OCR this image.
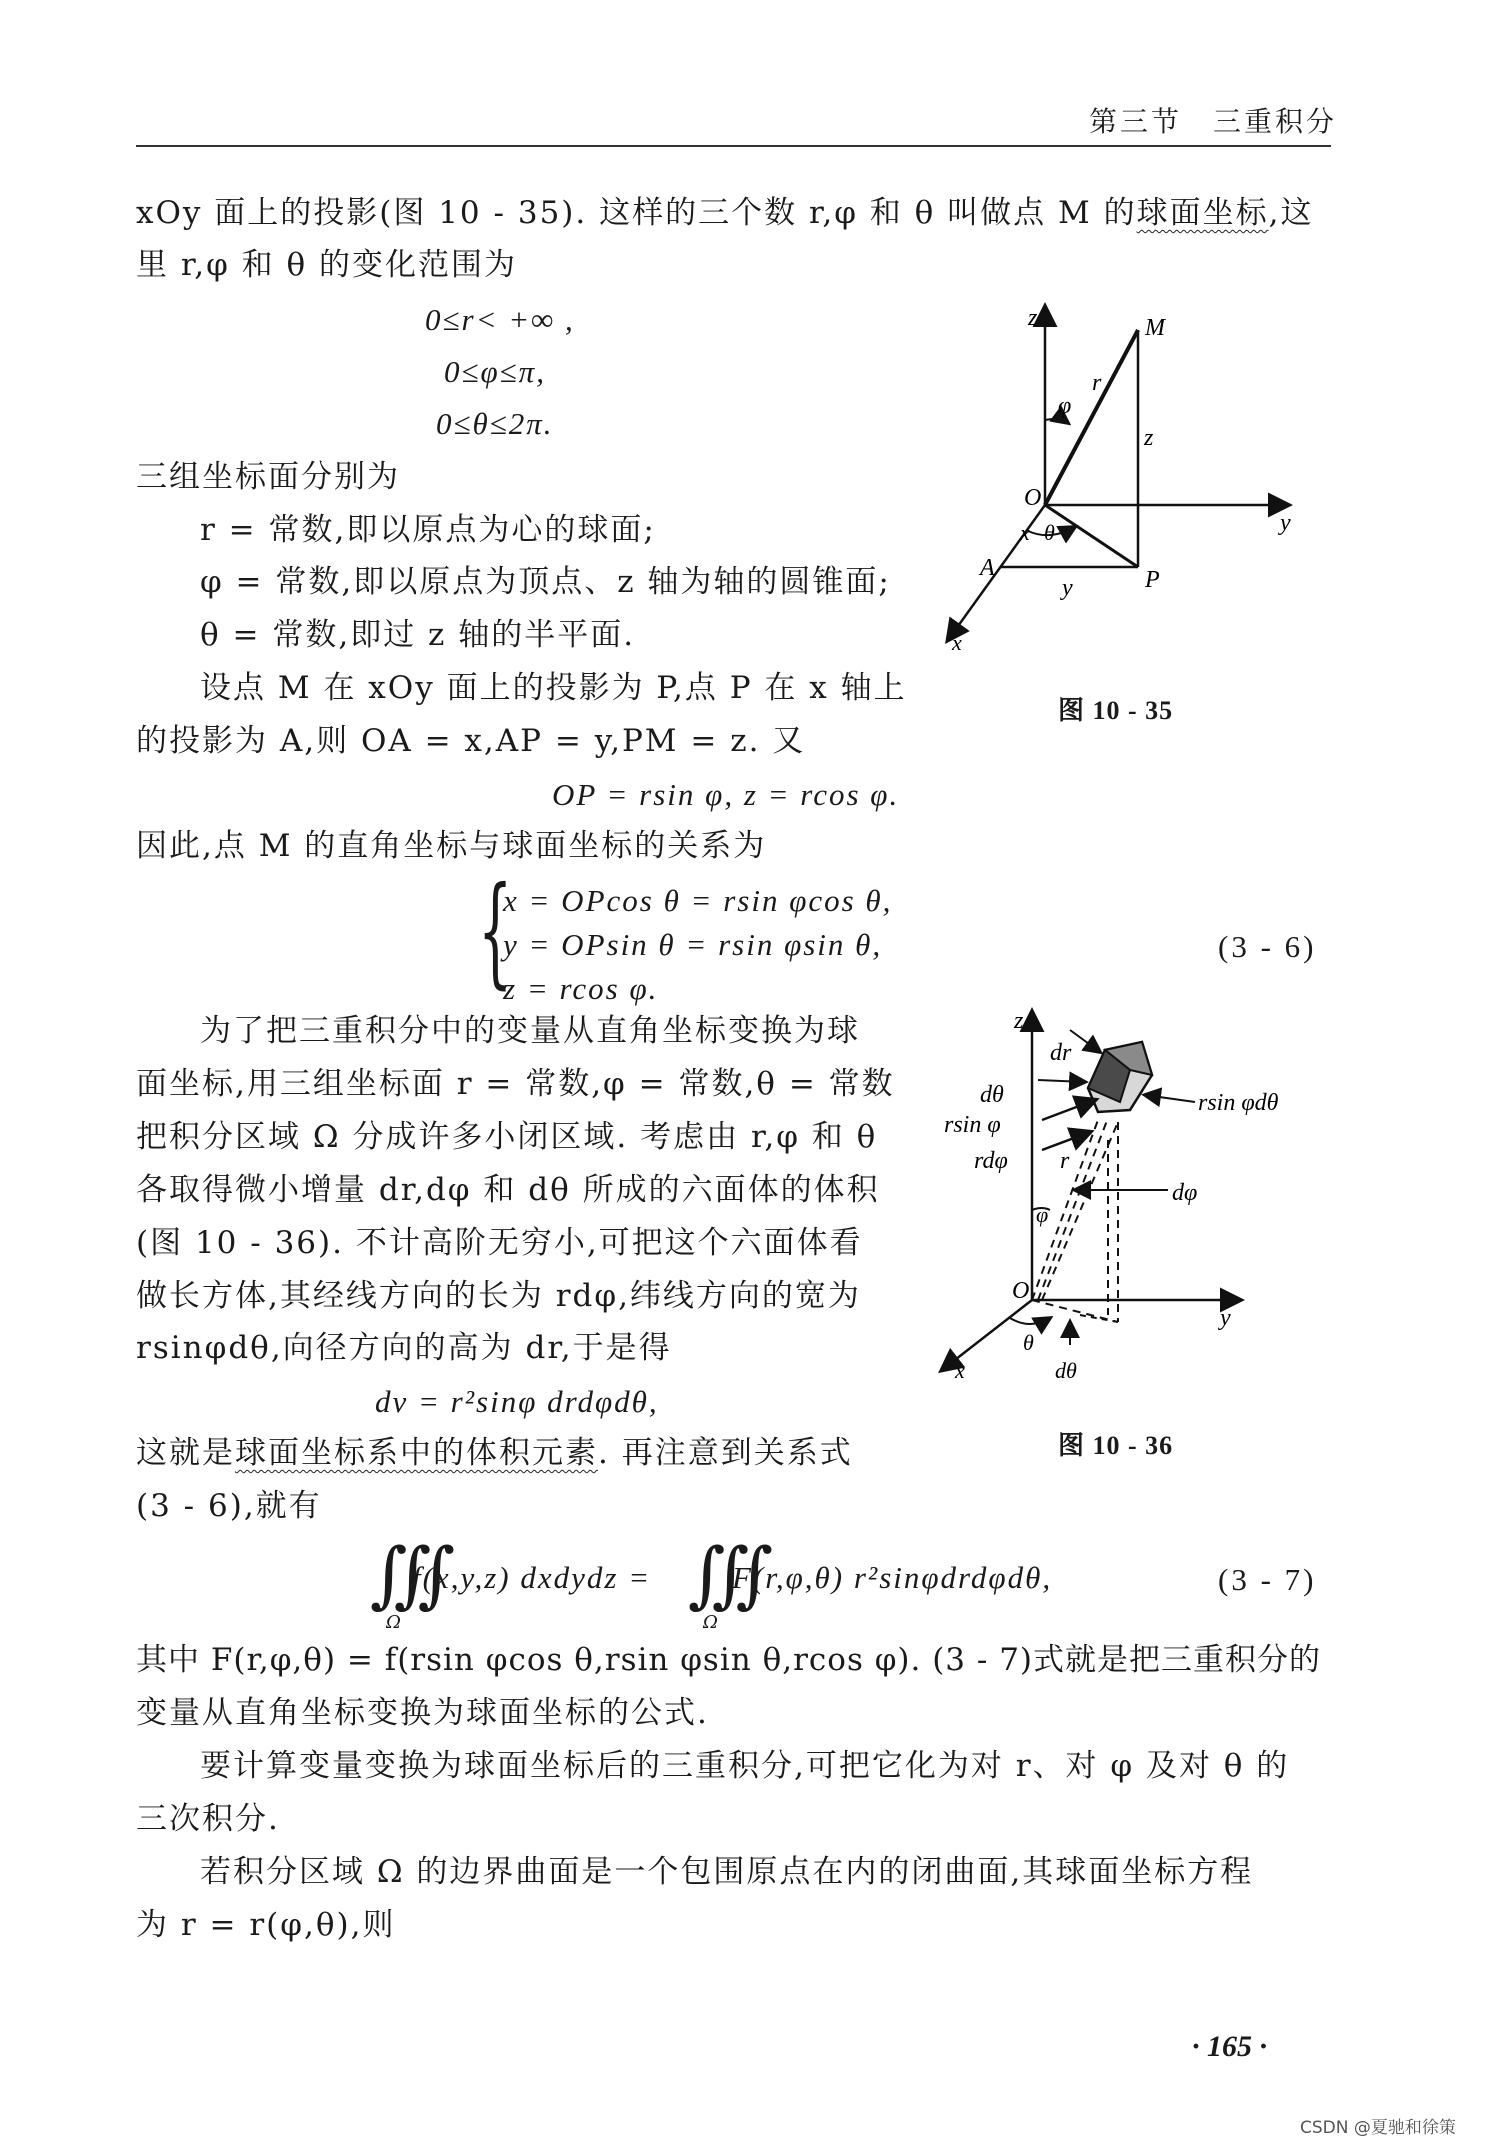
第三节 三重积分
xOy 面上的投影(图 10 - 35). 这样的三个数 r,φ 和 θ 叫做点 M 的球面坐标,这
里 r,φ 和 θ 的变化范围为
0≤r< +∞ ,
0≤φ≤π,
0≤θ≤2π.
三组坐标面分别为
r = 常数,即以原点为心的球面;
φ = 常数,即以原点为顶点、z 轴为轴的圆锥面;
θ = 常数,即过 z 轴的半平面.
设点 M 在 xOy 面上的投影为 P,点 P 在 x 轴上
的投影为 A,则 OA = x,AP = y,PM = z. 又
OP = rsin φ, z = rcos φ.
因此,点 M 的直角坐标与球面坐标的关系为
{
x = OPcos θ = rsin φcos θ,
y = OPsin θ = rsin φsin θ,
z = rcos φ.
(3 - 6)
为了把三重积分中的变量从直角坐标变换为球
面坐标,用三组坐标面 r = 常数,φ = 常数,θ = 常数
把积分区域 Ω 分成许多小闭区域. 考虑由 r,φ 和 θ
各取得微小增量 dr,dφ 和 dθ 所成的六面体的体积
(图 10 - 36). 不计高阶无穷小,可把这个六面体看
做长方体,其经线方向的长为 rdφ,纬线方向的宽为
rsinφdθ,向径方向的高为 dr,于是得
dv = r²sinφ drdφdθ,
这就是球面坐标系中的体积元素. 再注意到关系式
(3 - 6),就有
∭
Ω
f(x,y,z) dxdydz = ∭
Ω
F(r,φ,θ) r²sinφdrdφdθ,	(3 - 7)
其中 F(r,φ,θ) = f(rsin φcos θ,rsin φsin θ,rcos φ). (3 - 7)式就是把三重积分的
变量从直角坐标变换为球面坐标的公式.
要计算变量变换为球面坐标后的三重积分,可把它化为对 r、对 φ 及对 θ 的
三次积分.
若积分区域 Ω 的边界曲面是一个包围原点在内的闭曲面,其球面坐标方程
为 r = r(φ,θ),则
z	M
r
φ
z
O
y
x θ
A
y	P
x
图 10 - 35
z
dr
dθ
rsin φ
rdφ
rsin φdθ
r
dφ
φ
O
y
x
θ
dθ
图 10 - 36
· 165 ·
CSDN @夏驰和徐策
